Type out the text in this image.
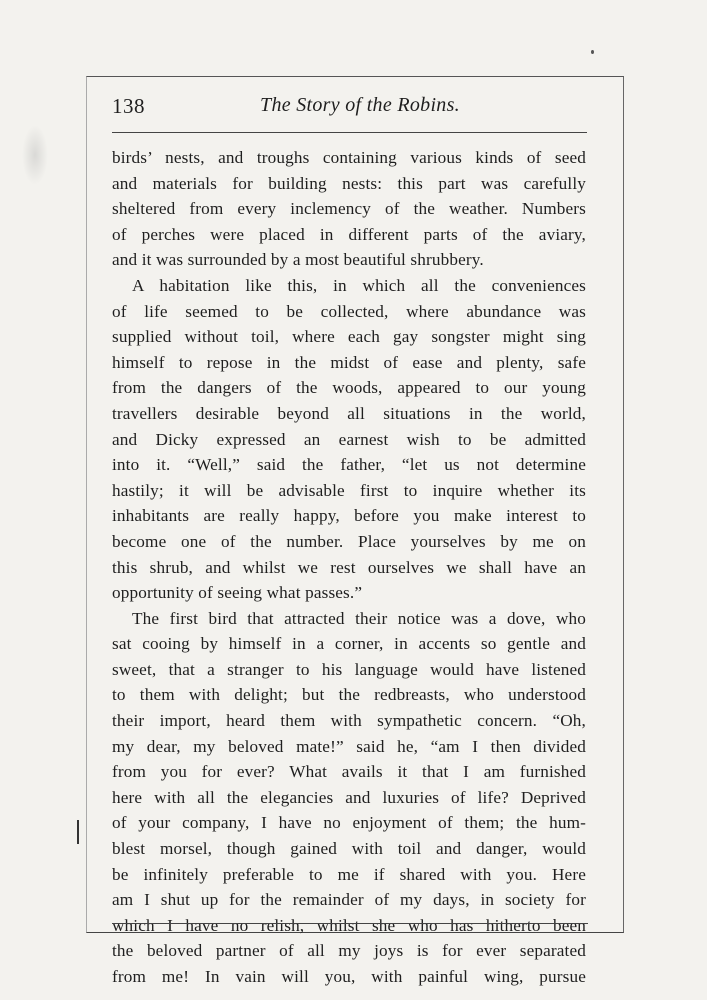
138	The Story of the Robins.
birds’ nests, and troughs containing various kinds of seed
and materials for building nests: this part was carefully
sheltered from every inclemency of the weather. Numbers
of perches were placed in different parts of the aviary,
and it was surrounded by a most beautiful shrubbery.
A habitation like this, in which all the conveniences
of life seemed to be collected, where abundance was
supplied without toil, where each gay songster might sing
himself to repose in the midst of ease and plenty, safe
from the dangers of the woods, appeared to our young
travellers desirable beyond all situations in the world,
and Dicky expressed an earnest wish to be admitted
into it. “Well,” said the father, “let us not determine
hastily; it will be advisable first to inquire whether its
inhabitants are really happy, before you make interest to
become one of the number. Place yourselves by me on
this shrub, and whilst we rest ourselves we shall have an
opportunity of seeing what passes.”
The first bird that attracted their notice was a dove, who
sat cooing by himself in a corner, in accents so gentle and
sweet, that a stranger to his language would have listened
to them with delight; but the redbreasts, who understood
their import, heard them with sympathetic concern. “Oh,
my dear, my beloved mate!” said he, “am I then divided
from you for ever? What avails it that I am furnished
here with all the elegancies and luxuries of life? Deprived
of your company, I have no enjoyment of them; the hum-
blest morsel, though gained with toil and danger, would
be infinitely preferable to me if shared with you. Here
am I shut up for the remainder of my days, in society for
which I have no relish, whilst she who has hitherto been
the beloved partner of all my joys is for ever separated
from me! In vain will you, with painful wing, pursue
